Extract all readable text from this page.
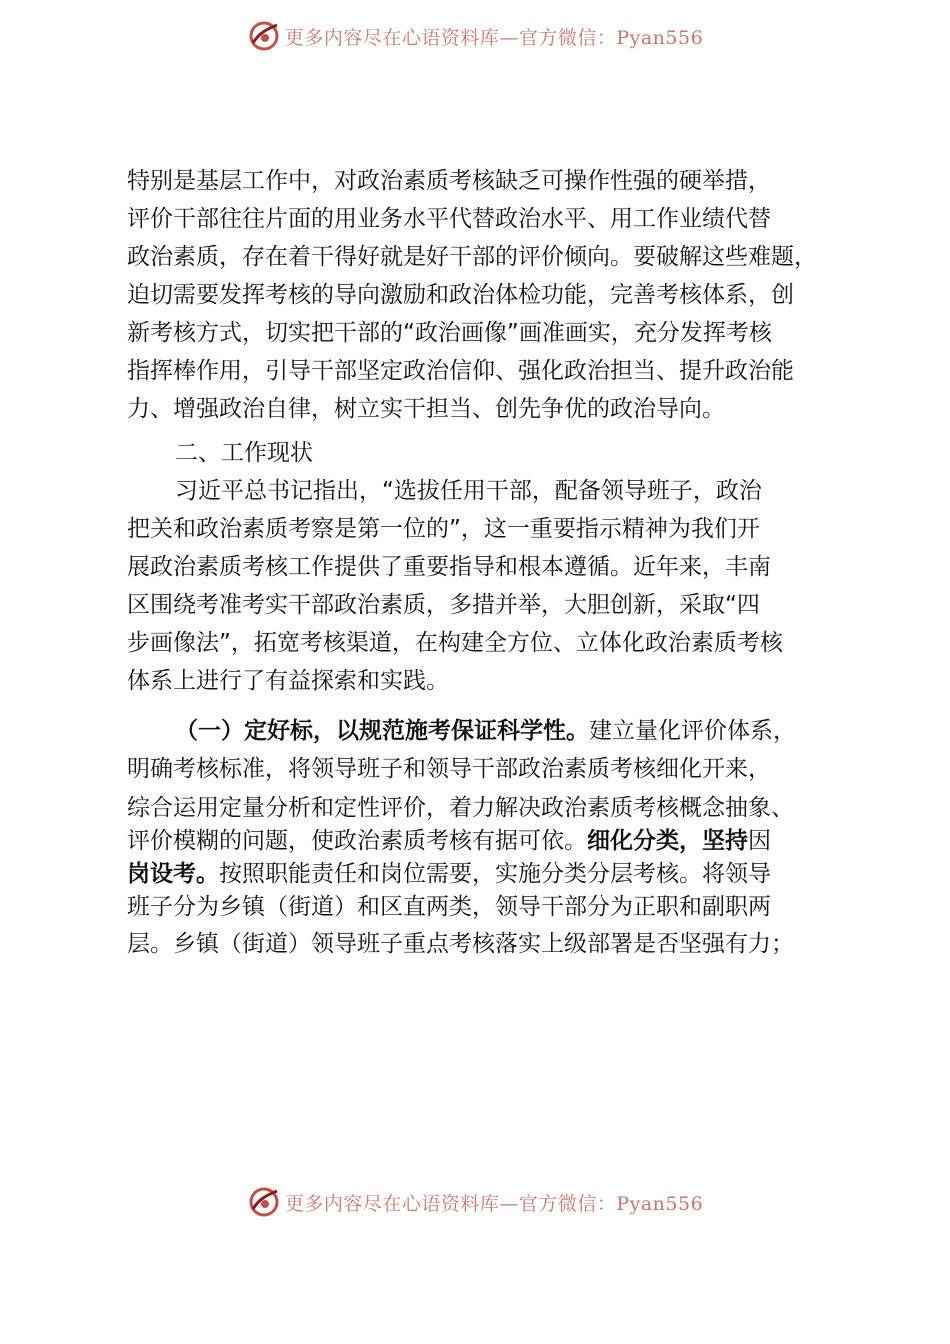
更多内容尽在心语资料库—官方微信：Pyan556

特别是基层工作中，对政治素质考核缺乏可操作性强的硬举措，

评价干部往往片面的用业务水平代替政治水平、用工作业绩代替

政治素质，存在着干得好就是好干部的评价倾向。要破解这些难题，

迫切需要发挥考核的导向激励和政治体检功能，完善考核体系，创

新考核方式，切实把干部的“政治画像”画准画实，充分发挥考核

指挥棒作用，引导干部坚定政治信仰、强化政治担当、提升政治能

力、增强政治自律，树立实干担当、创先争优的政治导向。

二、工作现状

习近平总书记指出，“选拔任用干部，配备领导班子，政治

把关和政治素质考察是第一位的”，这一重要指示精神为我们开

展政治素质考核工作提供了重要指导和根本遵循。近年来，丰南

区围绕考准考实干部政治素质，多措并举，大胆创新，采取“四

步画像法”，拓宽考核渠道，在构建全方位、立体化政治素质考核

体系上进行了有益探索和实践。

（一）定好标，以规范施考保证科学性。建立量化评价体系，

明确考核标准，将领导班子和领导干部政治素质考核细化开来，

综合运用定量分析和定性评价，着力解决政治素质考核概念抽象、

评价模糊的问题，使政治素质考核有据可依。细化分类，坚持因

岗设考。按照职能责任和岗位需要，实施分类分层考核。将领导

班子分为乡镇（街道）和区直两类，领导干部分为正职和副职两

层。乡镇（街道）领导班子重点考核落实上级部署是否坚强有力；

更多内容尽在心语资料库—官方微信：Pyan556
